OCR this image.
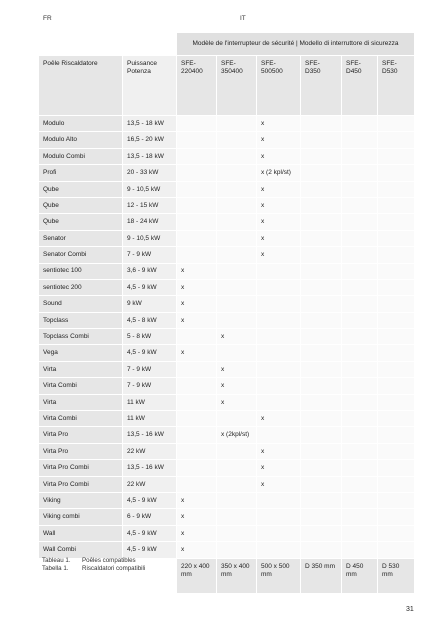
FR	IT
		Modèle de l'interrupteur de sécurité | Modello di interruttore di sicurezza					
Poêle Riscaldatore	Puissance Potenza	SFE- 220400	SFE- 350400	SFE- 500500	SFE- D350	SFE- D450	SFE- D530
Modulo	13,5 - 18 kW			x			
Modulo Alto	16,5 - 20 kW			x			
Modulo Combi	13,5 - 18 kW			x			
Profi	20 - 33 kW			x (2 kpl/st)			
Qube	9 - 10,5 kW			x			
Qube	12 - 15 kW			x			
Qube	18 - 24 kW			x			
Senator	9 - 10,5 kW			x			
Senator Combi	7 - 9 kW			x			
sentiotec 100	3,6 - 9 kW	x					
sentiotec 200	4,5 - 9 kW	x					
Sound	9 kW	x					
Topclass	4,5 - 8 kW	x					
Topclass Combi	5 - 8 kW		x				
Vega	4,5 - 9 kW	x					
Virta	7 - 9 kW		x				
Virta Combi	7 - 9 kW		x				
Virta	11 kW		x				
Virta Combi	11 kW			x			
Virta Pro	13,5 - 16 kW		x (2kpl/st)				
Virta Pro	22 kW			x			
Virta Pro Combi	13,5 - 16 kW			x			
Virta Pro Combi	22 kW			x			
Viking	4,5 - 9 kW	x					
Viking combi	6 - 9 kW	x					
Wall	4,5 - 9 kW	x					
Wall Combi	4,5 - 9 kW	x					
		220 x 400 mm	350 x 400 mm	500 x 500 mm	D 350 mm	D 450 mm	D 530 mm
Tableau 1. Poêles compatibles
Tabella 1. Riscaldatori compatibili
31
